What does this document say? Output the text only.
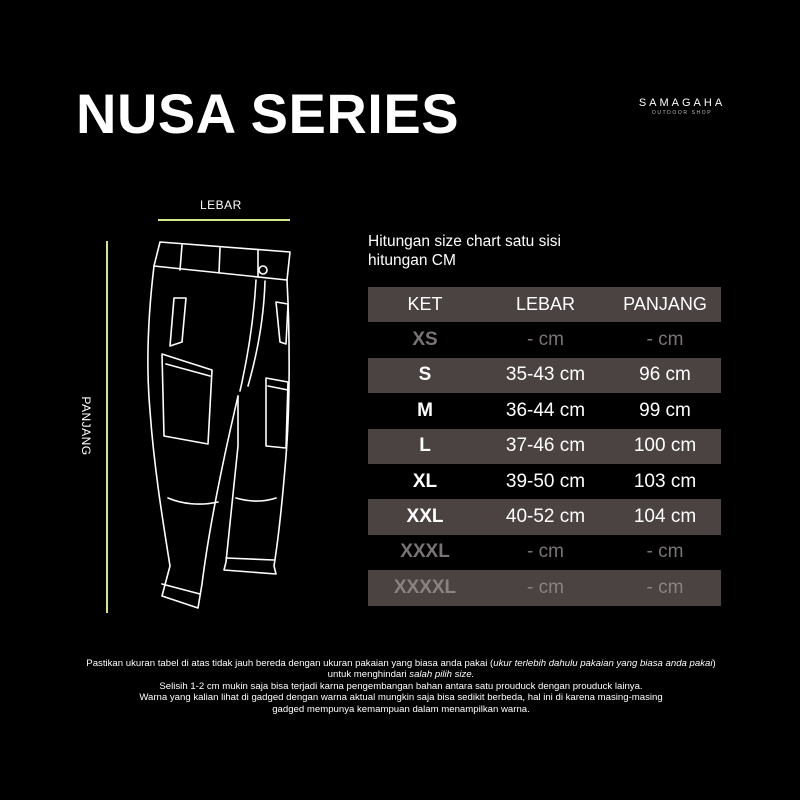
NUSA SERIES	SAMAGAHA
OUTDOOR SHOP
LEBAR
PANJANG
Hitungan size chart satu sisi
hitungan CM
KET	LEBAR	PANJANG
XS	- cm	- cm
S	35-43 cm	96 cm
M	36-44 cm	99 cm
L	37-46 cm	100 cm
XL	39-50 cm	103 cm
XXL	40-52 cm	104 cm
XXXL	- cm	- cm
XXXXL	- cm	- cm
Pastikan ukuran tabel di atas tidak jauh bereda dengan ukuran pakaian yang biasa anda pakai (ukur terlebih dahulu pakaian yang biasa anda pakai) untuk menghindari salah pilih size.
Selisih 1-2 cm mukin saja bisa terjadi karna pengembangan bahan antara satu prouduck dengan prouduck lainya.
Warna yang kalian lihat di gadged dengan warna aktual mungkin saja bisa sedikit berbeda, hal ini di karena masing-masing
gadged mempunya kemampuan dalam menampilkan warna.
